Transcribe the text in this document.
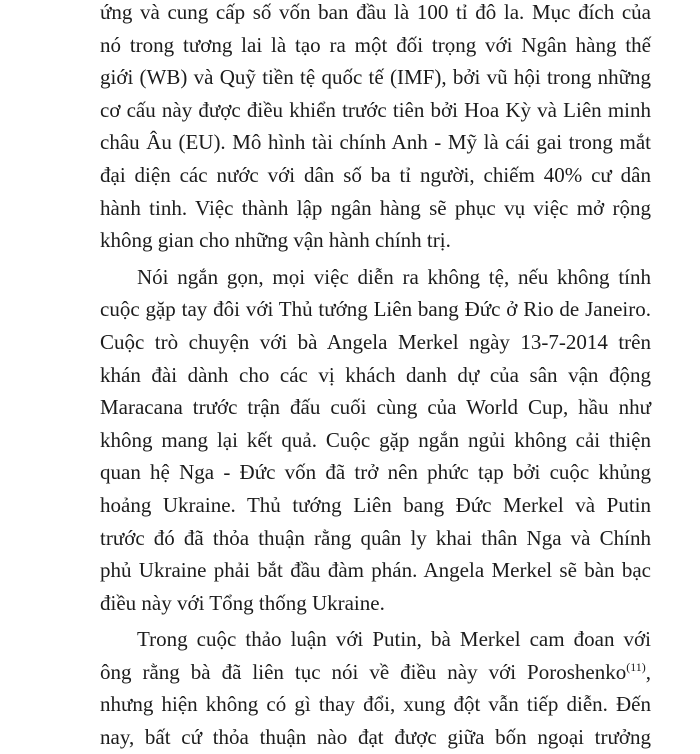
ứng và cung cấp số vốn ban đầu là 100 tỉ đô la. Mục đích của
nó trong tương lai là tạo ra một đối trọng với Ngân hàng thế
giới (WB) và Quỹ tiền tệ quốc tế (IMF), bởi vũ hội trong những
cơ cấu này được điều khiển trước tiên bởi Hoa Kỳ và Liên minh
châu Âu (EU). Mô hình tài chính Anh - Mỹ là cái gai trong mắt
đại diện các nước với dân số ba tỉ người, chiếm 40% cư dân
hành tinh. Việc thành lập ngân hàng sẽ phục vụ việc mở rộng
không gian cho những vận hành chính trị.
Nói ngắn gọn, mọi việc diễn ra không tệ, nếu không tính
cuộc gặp tay đôi với Thủ tướng Liên bang Đức ở Rio de Janeiro.
Cuộc trò chuyện với bà Angela Merkel ngày 13-7-2014 trên
khán đài dành cho các vị khách danh dự của sân vận động
Maracana trước trận đấu cuối cùng của World Cup, hầu như
không mang lại kết quả. Cuộc gặp ngắn ngủi không cải thiện
quan hệ Nga - Đức vốn đã trở nên phức tạp bởi cuộc khủng
hoảng Ukraine. Thủ tướng Liên bang Đức Merkel và Putin
trước đó đã thỏa thuận rằng quân ly khai thân Nga và Chính
phủ Ukraine phải bắt đầu đàm phán. Angela Merkel sẽ bàn bạc
điều này với Tổng thống Ukraine.
Trong cuộc thảo luận với Putin, bà Merkel cam đoan với
ông rằng bà đã liên tục nói về điều này với Poroshenko$^{(11)}$,
nhưng hiện không có gì thay đổi, xung đột vẫn tiếp diễn. Đến
nay, bất cứ thỏa thuận nào đạt được giữa bốn ngoại trưởng
